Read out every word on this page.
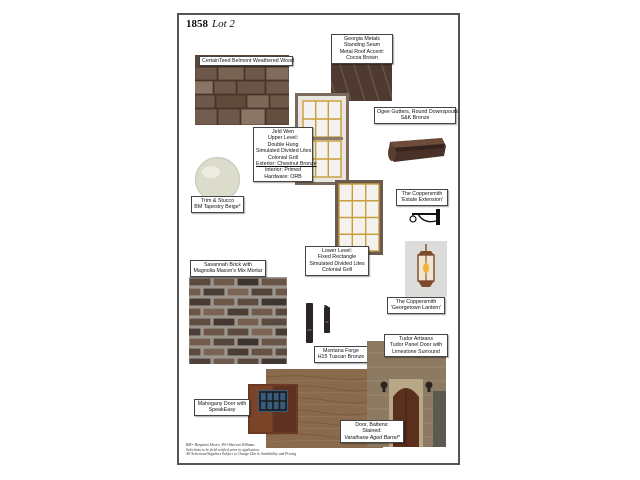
1858 Lot 2
CertainTeed Belmont Weathered Wood
Georgia Metals
Standing Seam
Metal Roof Accent:
Cocoa Brown
Jeld Wen
Upper Level:
Double Hung
Simulated Divided Lites
Colonial Grill
Exterior: Chestnut Bronze
Interior: Primed
Hardware: ORB
Ogee Gutters, Round Downspouts
S&K Bronze
Trim & Stucco
BM Tapestry Beige*
Lower Level:
Fixed Rectangle
Simulated Divided Lites
Colonial Grill
The Coppersmith
'Estate Extension'
The Coppersmith
'Georgetown Lantern'
Savannah Brick with
Magnolia Mason's Mix Mortar
Montana Forge
H15 Tuscan Bronze
Mahogany Door with
SpeakEasy
Tudor Artisans
Tudor Panel Door with
Limestone Surround
Door, Battens:
Stained:
Varathane Aged Barrel*
BM= Benjamin Moore, SW=Sherwin Williams
Selections to be field verified prior to application.
All Selections/Suppliers Subject to Change Due to Availability and Pricing
